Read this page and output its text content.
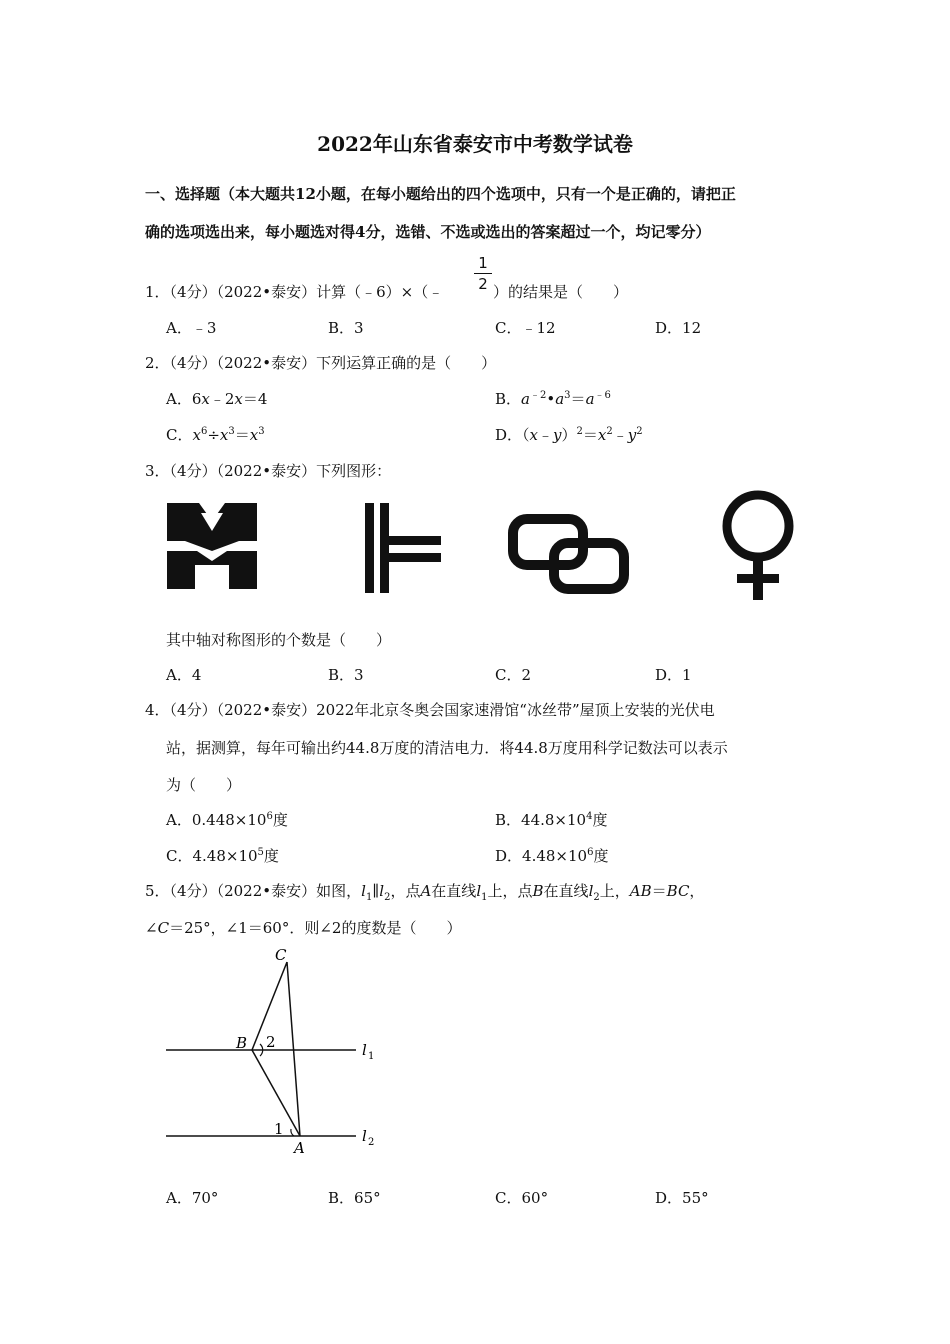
2022年山东省泰安市中考数学试卷
一、选择题（本大题共12小题，在每小题给出的四个选项中，只有一个是正确的，请把正
确的选项选出来，每小题选对得4分，选错、不选或选出的答案超过一个，均记零分）
1．（4分）（2022•泰安）计算（﹣6）×（﹣
1
2 ）的结果是（　　）
A．﹣3	B．3	C．﹣12	D．12
2．（4分）（2022•泰安）下列运算正确的是（　　）
A．6x﹣2x＝4	B．$a^{﹣2}•a^3=a^{﹣6}$
C．$x^6\div x^3=x^3$	D．$(x﹣y)^2=x^2﹣y^2$
3．（4分）（2022•泰安）下列图形：
其中轴对称图形的个数是（　　）
A．4	B．3	C．2	D．1
4．（4分）（2022•泰安）2022年北京冬奥会国家速滑馆“冰丝带”屋顶上安装的光伏电
站，据测算，每年可输出约44.8万度的清洁电力．将44.8万度用科学记数法可以表示
为（　　）
A．$0.448\times 10^6$度	B．$44.8\times 10^4$度
C．$4.48\times 10^5$度	D．$4.48\times 10^6$度
5．（4分）（2022•泰安）如图，$l_1\parallel l_2$，点A在直线$l_1$上，点B在直线$l_2$上，AB＝BC，
∠C＝25°，∠1＝60°．则∠2的度数是（　　）
C
B 2
1
A
l 1
l 2
A．70°	B．65°	C．60°	D．55°
